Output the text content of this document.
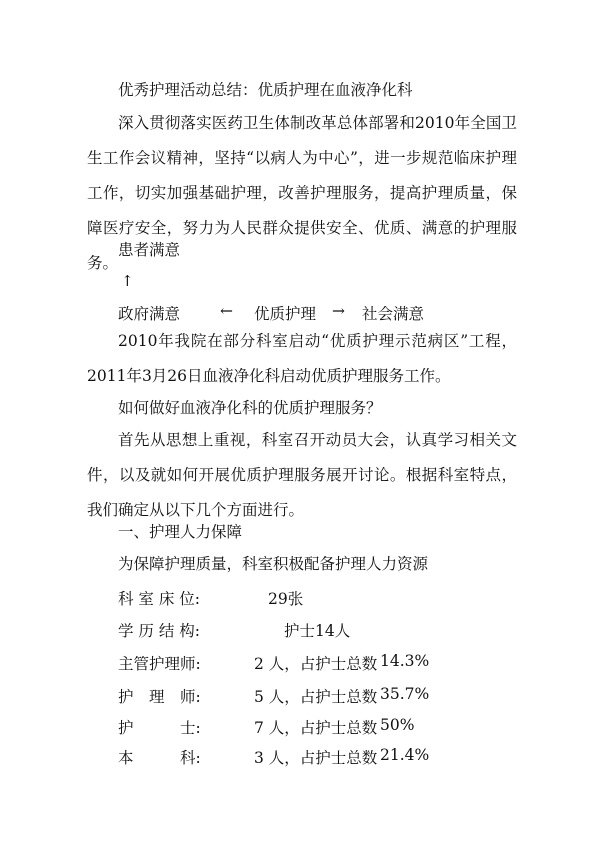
优秀护理活动总结：优质护理在血液净化科
深入贯彻落实医药卫生体制改革总体部署和2010年全国卫生工作会议精神，坚持“以病人为中心”，进一步规范临床护理工作，切实加强基础护理，改善护理服务，提高护理质量，保障医疗安全，努力为人民群众提供安全、优质、满意的护理服务。
患者满意
↑
政府满意	← 优质护理 → 社会满意
2010年我院在部分科室启动“优质护理示范病区”工程，2011年3月26日血液净化科启动优质护理服务工作。
如何做好血液净化科的优质护理服务？
首先从思想上重视，科室召开动员大会，认真学习相关文件，以及就如何开展优质护理服务展开讨论。根据科室特点，我们确定从以下几个方面进行。
一、护理人力保障
为保障护理质量，科室积极配备护理人力资源
科 室 床 位:	29张
学 历 结 构:	护士14人
主管护理师:	2 人，占护士总数 14.3%
护　理　师:	5 人，占护士总数 35.7%
护　　　士:	7 人，占护士总数 50%
本　　　科:	3 人，占护士总数 21.4%
